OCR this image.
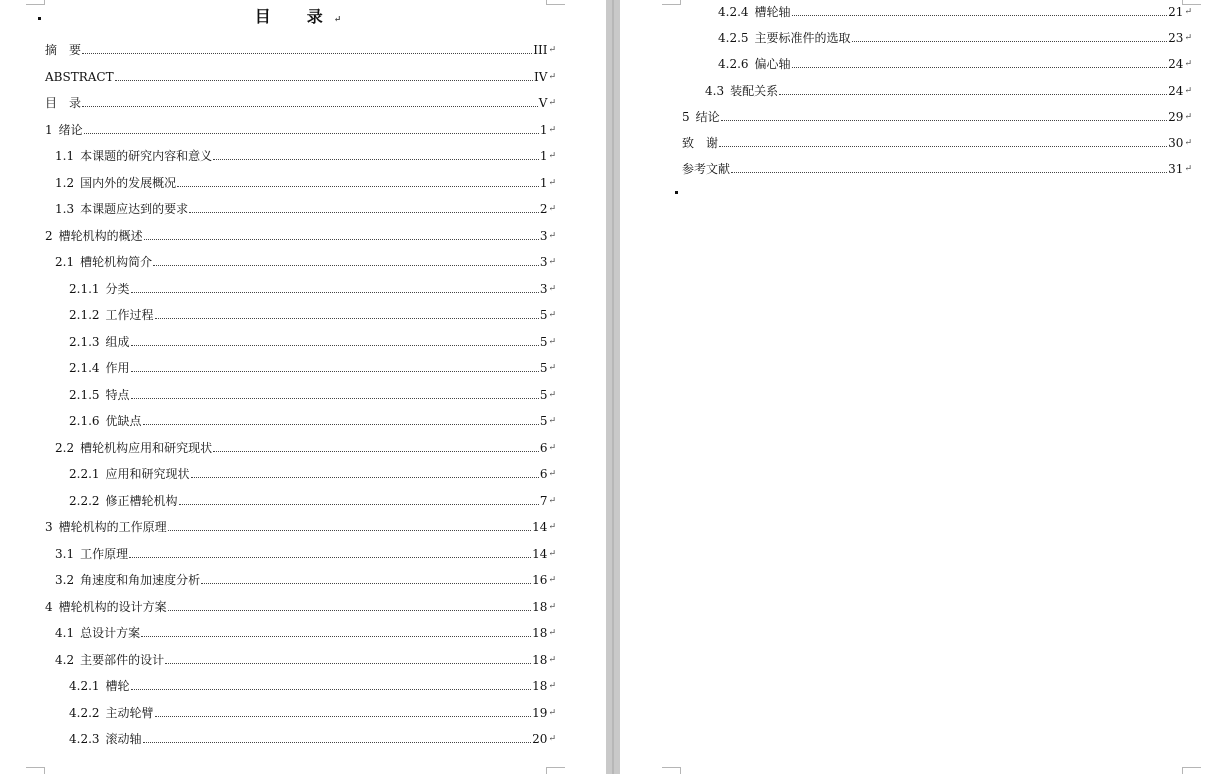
目　录↵
摘　要	III ↵
ABSTRACT	IV ↵
目　录	V ↵
1 绪论	1 ↵
1.1 本课题的研究内容和意义	1 ↵
1.2 国内外的发展概况	1 ↵
1.3 本课题应达到的要求	2 ↵
2 槽轮机构的概述	3 ↵
2.1 槽轮机构简介	3 ↵
2.1.1 分类	3 ↵
2.1.2 工作过程	5 ↵
2.1.3 组成	5 ↵
2.1.4 作用	5 ↵
2.1.5 特点	5 ↵
2.1.6 优缺点	5 ↵
2.2 槽轮机构应用和研究现状	6 ↵
2.2.1 应用和研究现状	6 ↵
2.2.2 修正槽轮机构	7 ↵
3 槽轮机构的工作原理	14 ↵
3.1 工作原理	14 ↵
3.2 角速度和角加速度分析	16 ↵
4 槽轮机构的设计方案	18 ↵
4.1 总设计方案	18 ↵
4.2 主要部件的设计	18 ↵
4.2.1 槽轮	18 ↵
4.2.2 主动轮臂	19 ↵
4.2.3 滚动轴	20 ↵
4.2.4 槽轮轴	21 ↵
4.2.5 主要标准件的选取	23 ↵
4.2.6 偏心轴	24 ↵
4.3 装配关系	24 ↵
5 结论	29 ↵
致　谢	30 ↵
参考文献	31 ↵
